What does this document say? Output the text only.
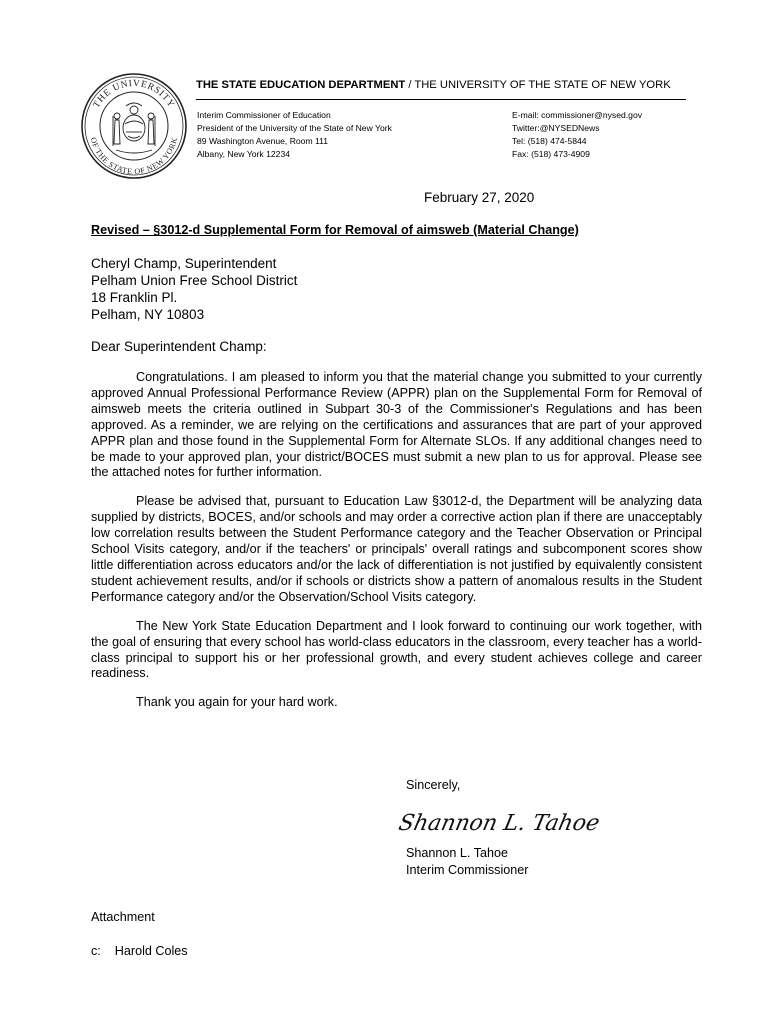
THE UNIVERSITY
OF THE STATE OF NEW YORK
THE STATE EDUCATION DEPARTMENT / THE UNIVERSITY OF THE STATE OF NEW YORK
Interim Commissioner of Education
President of the University of the State of New York
89 Washington Avenue, Room 111
Albany, New York 12234
E-mail: commissioner@nysed.gov
Twitter:@NYSEDNews
Tel: (518) 474-5844
Fax: (518) 473-4909
February 27, 2020
Revised – §3012-d Supplemental Form for Removal of aimsweb (Material Change)
Cheryl Champ, Superintendent
Pelham Union Free School District
18 Franklin Pl.
Pelham, NY 10803
Dear Superintendent Champ:

Congratulations. I am pleased to inform you that the material change you submitted to your currently approved Annual Professional Performance Review (APPR) plan on the Supplemental Form for Removal of aimsweb meets the criteria outlined in Subpart 30-3 of the Commissioner's Regulations and has been approved. As a reminder, we are relying on the certifications and assurances that are part of your approved APPR plan and those found in the Supplemental Form for Alternate SLOs. If any additional changes need to be made to your approved plan, your district/BOCES must submit a new plan to us for approval. Please see the attached notes for further information.

Please be advised that, pursuant to Education Law §3012-d, the Department will be analyzing data supplied by districts, BOCES, and/or schools and may order a corrective action plan if there are unacceptably low correlation results between the Student Performance category and the Teacher Observation or Principal School Visits category, and/or if the teachers' or principals' overall ratings and subcomponent scores show little differentiation across educators and/or the lack of differentiation is not justified by equivalently consistent student achievement results, and/or if schools or districts show a pattern of anomalous results in the Student Performance category and/or the Observation/School Visits category.

The New York State Education Department and I look forward to continuing our work together, with the goal of ensuring that every school has world-class educators in the classroom, every teacher has a world-class principal to support his or her professional growth, and every student achieves college and career readiness.

Thank you again for your hard work.

Sincerely,
Shannon L. Tahoe
Shannon L. Tahoe
Interim Commissioner
Attachment
c: Harold Coles
